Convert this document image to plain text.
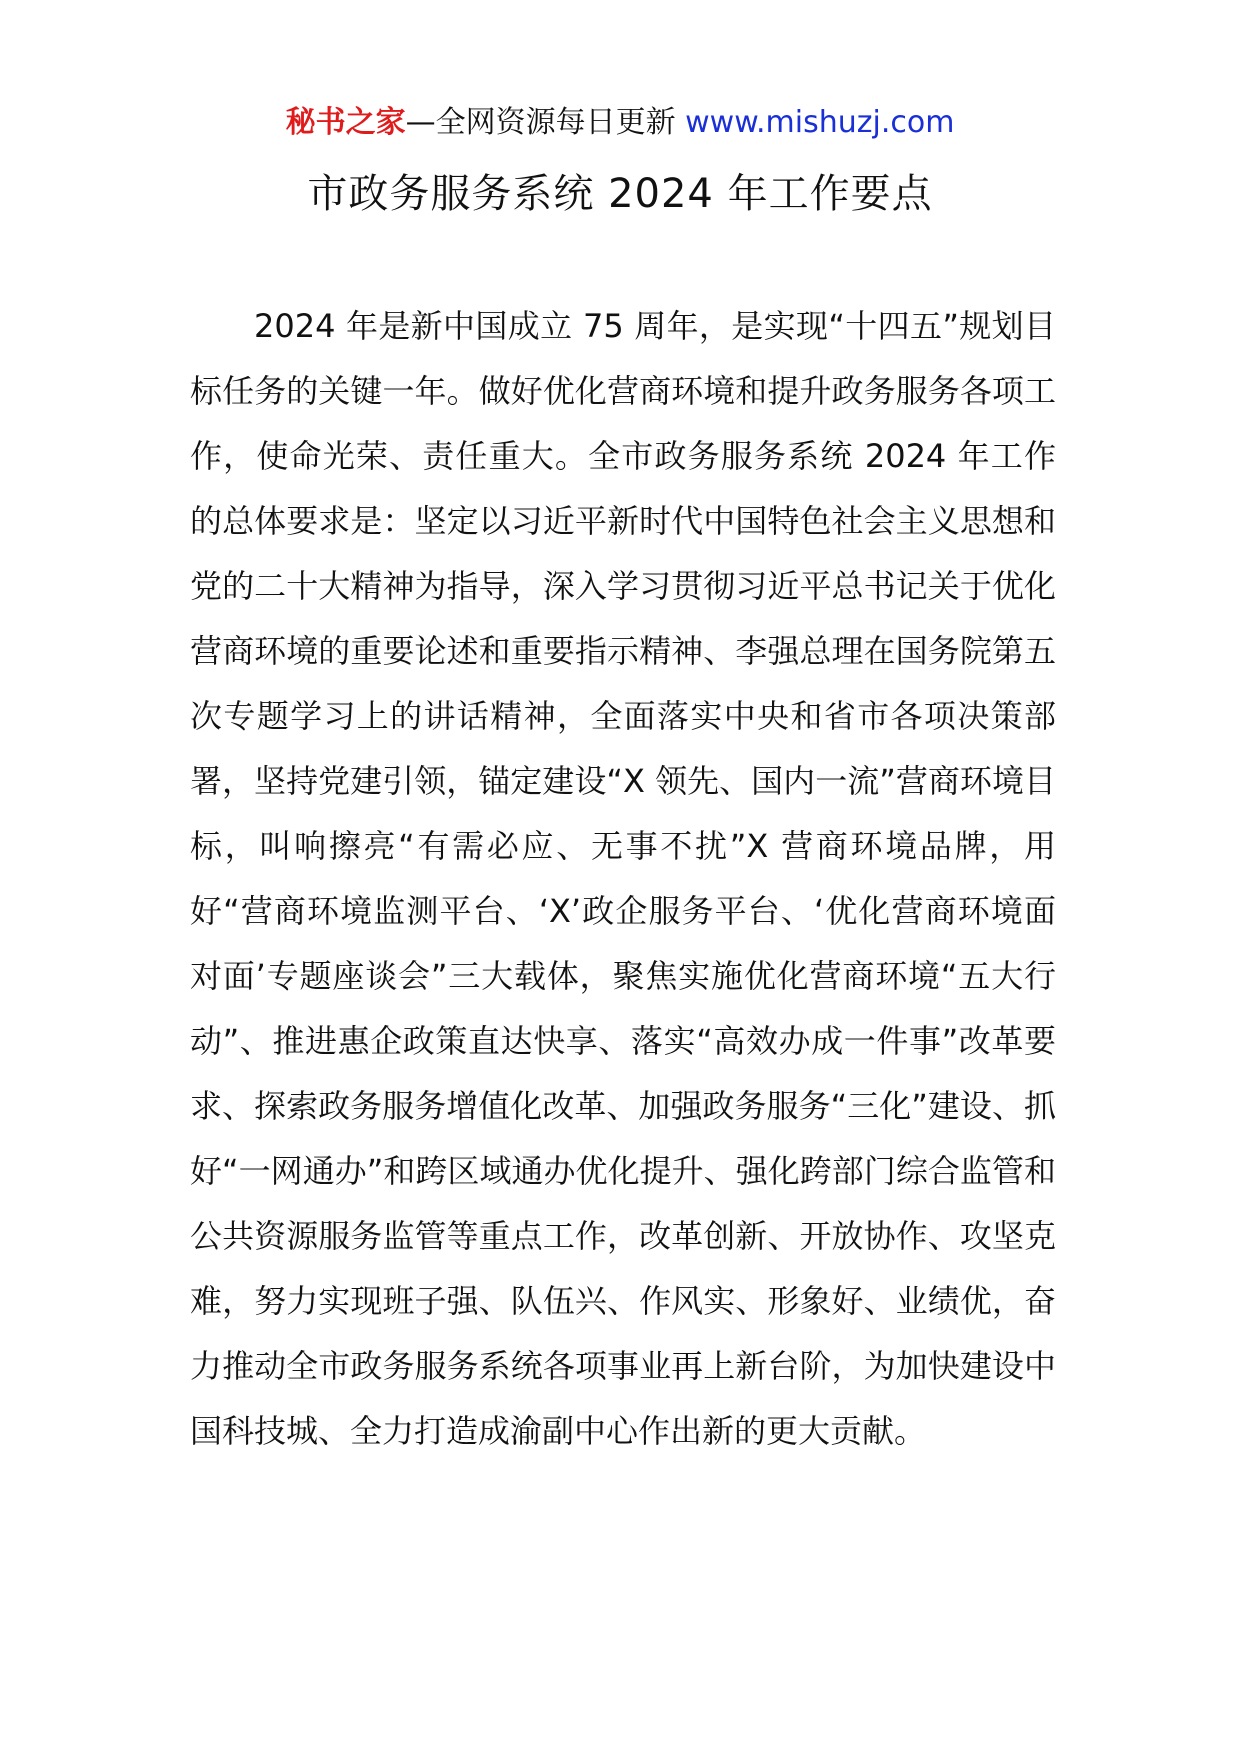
秘书之家—全网资源每日更新 www.mishuzj.com
市政务服务系统 2024 年工作要点

2024 年是新中国成立 75 周年，是实现“十四五”规划目标任务的关键一年。做好优化营商环境和提升政务服务各项工作，使命光荣、责任重大。全市政务服务系统 2024 年工作的总体要求是：坚定以习近平新时代中国特色社会主义思想和党的二十大精神为指导，深入学习贯彻习近平总书记关于优化营商环境的重要论述和重要指示精神、李强总理在国务院第五次专题学习上的讲话精神，全面落实中央和省市各项决策部署，坚持党建引领，锚定建设“X 领先、国内一流”营商环境目标，叫响擦亮“有需必应、无事不扰”X 营商环境品牌，用好“营商环境监测平台、‘X’政企服务平台、‘优化营商环境面对面’专题座谈会”三大载体，聚焦实施优化营商环境“五大行动”、推进惠企政策直达快享、落实“高效办成一件事”改革要求、探索政务服务增值化改革、加强政务服务“三化”建设、抓好“一网通办”和跨区域通办优化提升、强化跨部门综合监管和公共资源服务监管等重点工作，改革创新、开放协作、攻坚克难，努力实现班子强、队伍兴、作风实、形象好、业绩优，奋力推动全市政务服务系统各项事业再上新台阶，为加快建设中国科技城、全力打造成渝副中心作出新的更大贡献。
